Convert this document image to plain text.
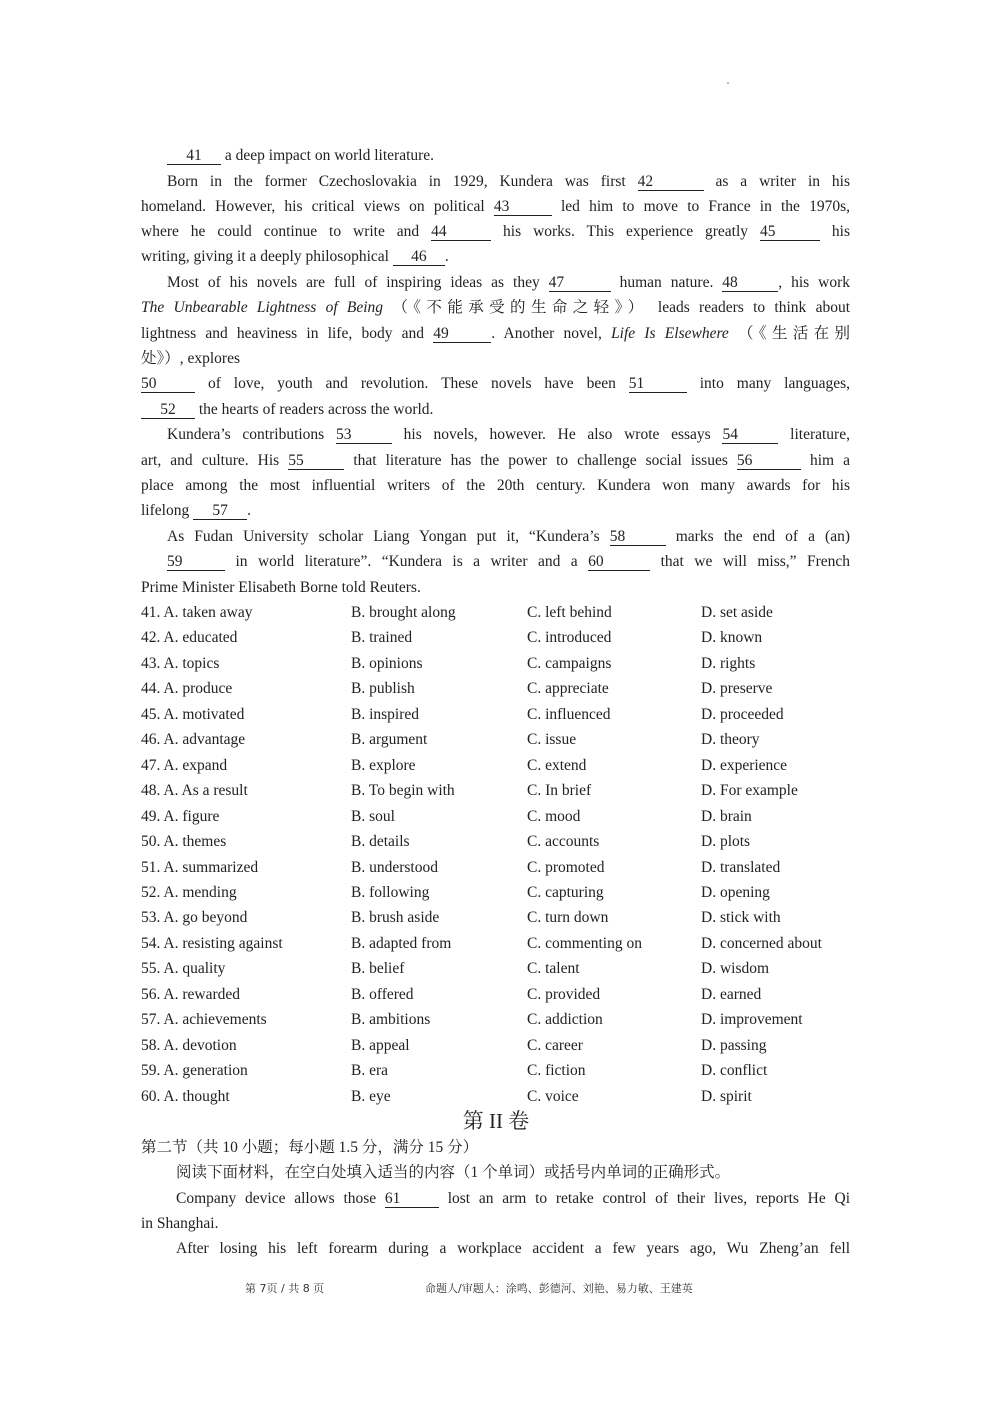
41 a deep impact on world literature.
Born in the former Czechoslovakia in 1929, Kundera was first 42	as a writer in his
homeland. However, his critical views on political 43	led him to move to France in the 1970s,
where he could continue to write and 44	his works. This experience greatly 45	his
writing, giving it a deeply philosophical 46 .
Most of his novels are full of inspiring ideas as they 47	human nature. 48	, his work
The Unbearable Lightness of Being （《不能承受的生命之轻》） leads readers to think about
lightness and heaviness in life, body and 49	. Another novel, Life Is Elsewhere （《生活在别
处》）, explores
50	of love, youth and revolution. These novels have been 51	into many languages,
52 the hearts of readers across the world.
Kundera’s contributions 53	his novels, however. He also wrote essays 54	literature,
art, and culture. His 55	that literature has the power to challenge social issues 56	him a
place among the most influential writers of the 20th century. Kundera won many awards for his
lifelong 57 .
As Fudan University scholar Liang Yongan put it, “Kundera’s 58	marks the end of a (an)
59	in world literature”. “Kundera is a writer and a 60	that we will miss,” French
Prime Minister Elisabeth Borne told Reuters.
41. A. taken away	B. brought along	C. left behind	D. set aside
42. A. educated	B. trained	C. introduced	D. known
43. A. topics	B. opinions	C. campaigns	D. rights
44. A. produce	B. publish	C. appreciate	D. preserve
45. A. motivated	B. inspired	C. influenced	D. proceeded
46. A. advantage	B. argument	C. issue	D. theory
47. A. expand	B. explore	C. extend	D. experience
48. A. As a result	B. To begin with	C. In brief	D. For example
49. A. figure	B. soul	C. mood	D. brain
50. A. themes	B. details	C. accounts	D. plots
51. A. summarized	B. understood	C. promoted	D. translated
52. A. mending	B. following	C. capturing	D. opening
53. A. go beyond	B. brush aside	C. turn down	D. stick with
54. A. resisting against	B. adapted from	C. commenting on	D. concerned about
55. A. quality	B. belief	C. talent	D. wisdom
56. A. rewarded	B. offered	C. provided	D. earned
57. A. achievements	B. ambitions	C. addiction	D. improvement
58. A. devotion	B. appeal	C. career	D. passing
59. A. generation	B. era	C. fiction	D. conflict
60. A. thought	B. eye	C. voice	D. spirit
第 II 卷
第二节（共 10 小题；每小题 1.5 分，满分 15 分）
阅读下面材料，在空白处填入适当的内容（1 个单词）或括号内单词的正确形式。
Company device allows those 61	lost an arm to retake control of their lives, reports He Qi
in Shanghai.
After losing his left forearm during a workplace accident a few years ago, Wu Zheng’an fell
第 7页 / 共 8 页	命题人/审题人：涂鸣、彭德河、刘艳、易力敏、王建英
